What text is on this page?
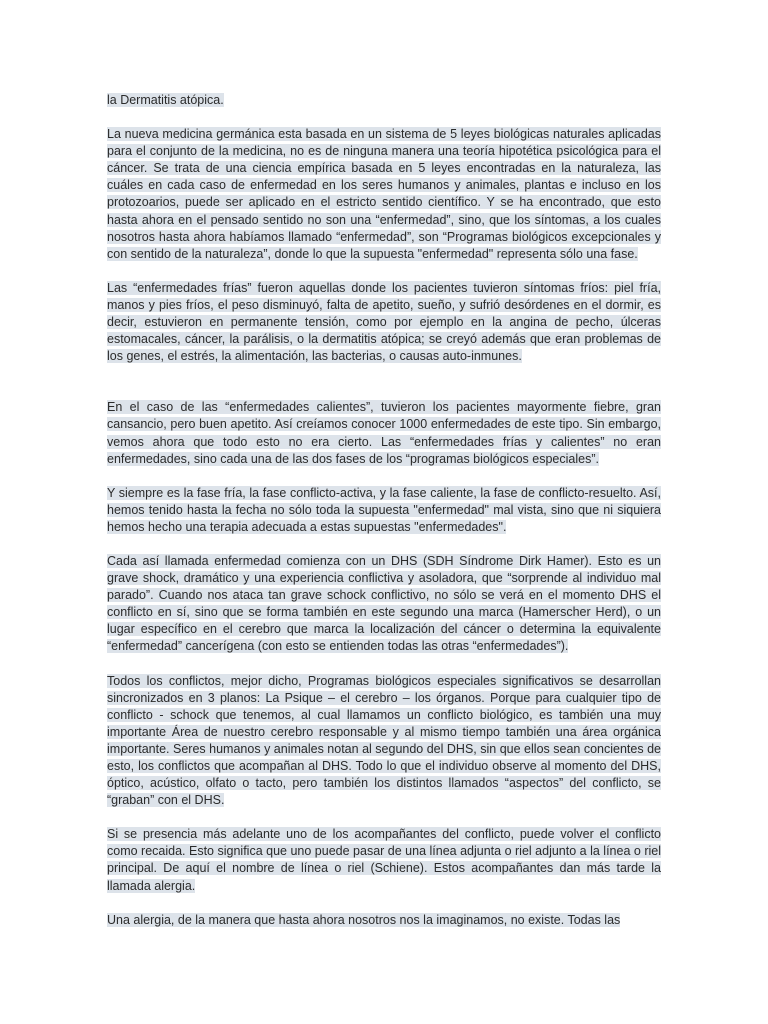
la Dermatitis atópica.

La nueva medicina germánica esta basada en un sistema de 5 leyes biológicas naturales aplicadas para el conjunto de la medicina, no es de ninguna manera una teoría hipotética psicológica para el cáncer. Se trata de una ciencia empírica basada en 5 leyes encontradas en la naturaleza, las cuáles en cada caso de enfermedad en los seres humanos y animales, plantas e incluso en los protozoarios, puede ser aplicado en el estricto sentido científico. Y se ha encontrado, que esto hasta ahora en el pensado sentido no son una “enfermedad”, sino, que los síntomas, a los cuales nosotros hasta ahora habíamos llamado “enfermedad”, son “Programas biológicos excepcionales y con sentido de la naturaleza”, donde lo que la supuesta "enfermedad" representa sólo una fase.

Las “enfermedades frías” fueron aquellas donde los pacientes tuvieron síntomas fríos: piel fría, manos y pies fríos, el peso disminuyó, falta de apetito, sueño, y sufrió desórdenes en el dormir, es decir, estuvieron en permanente tensión, como por ejemplo en la angina de pecho, úlceras estomacales, cáncer, la parálisis, o la dermatitis atópica; se creyó además que eran problemas de los genes, el estrés, la alimentación, las bacterias, o causas auto-inmunes.

En el caso de las “enfermedades calientes”, tuvieron los pacientes mayormente fiebre, gran cansancio, pero buen apetito. Así creíamos conocer 1000 enfermedades de este tipo. Sin embargo, vemos ahora que todo esto no era cierto. Las “enfermedades frías y calientes” no eran enfermedades, sino cada una de las dos fases de los “programas biológicos especiales”.

Y siempre es la fase fría, la fase conflicto-activa, y la fase caliente, la fase de conflicto-resuelto. Así, hemos tenido hasta la fecha no sólo toda la supuesta "enfermedad" mal vista, sino que ni siquiera hemos hecho una terapia adecuada a estas supuestas "enfermedades".

Cada así llamada enfermedad comienza con un DHS (SDH Síndrome Dirk Hamer). Esto es un grave shock, dramático y una experiencia conflictiva y asoladora, que “sorprende al individuo mal parado”. Cuando nos ataca tan grave schock conflictivo, no sólo se verá en el momento DHS el conflicto en sí, sino que se forma también en este segundo una marca (Hamerscher Herd), o un lugar específico en el cerebro que marca la localización del cáncer o determina la equivalente “enfermedad” cancerígena (con esto se entienden todas las otras “enfermedades”).

Todos los conflictos, mejor dicho, Programas biológicos especiales significativos se desarrollan sincronizados en 3 planos: La Psique – el cerebro – los órganos. Porque para cualquier tipo de conflicto - schock que tenemos, al cual llamamos un conflicto biológico, es también una muy importante Área de nuestro cerebro responsable y al mismo tiempo también una área orgánica importante. Seres humanos y animales notan al segundo del DHS, sin que ellos sean concientes de esto, los conflictos que acompañan al DHS. Todo lo que el individuo observe al momento del DHS, óptico, acústico, olfato o tacto, pero también los distintos llamados “aspectos” del conflicto, se “graban” con el DHS.

Si se presencia más adelante uno de los acompañantes del conflicto, puede volver el conflicto como recaida. Esto significa que uno puede pasar de una línea adjunta o riel adjunto a la línea o riel principal. De aquí el nombre de línea o riel (Schiene). Estos acompañantes dan más tarde la llamada alergia.

Una alergia, de la manera que hasta ahora nosotros nos la imaginamos, no existe. Todas las
